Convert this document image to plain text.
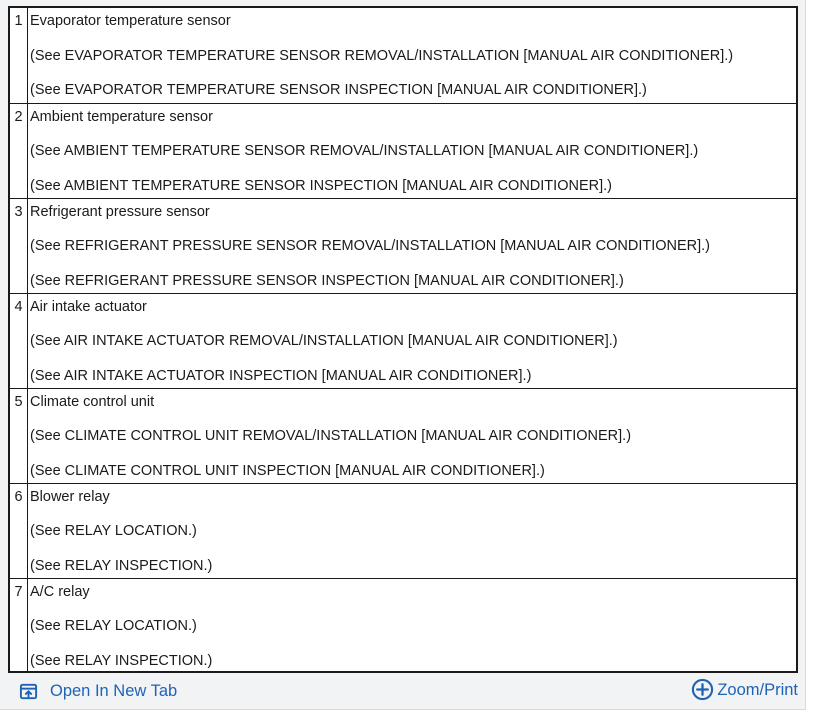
1	Evaporator temperature sensor
(See EVAPORATOR TEMPERATURE SENSOR REMOVAL/INSTALLATION [MANUAL AIR CONDITIONER].)
(See EVAPORATOR TEMPERATURE SENSOR INSPECTION [MANUAL AIR CONDITIONER].)

2	Ambient temperature sensor
(See AMBIENT TEMPERATURE SENSOR REMOVAL/INSTALLATION [MANUAL AIR CONDITIONER].)
(See AMBIENT TEMPERATURE SENSOR INSPECTION [MANUAL AIR CONDITIONER].)

3	Refrigerant pressure sensor
(See REFRIGERANT PRESSURE SENSOR REMOVAL/INSTALLATION [MANUAL AIR CONDITIONER].)
(See REFRIGERANT PRESSURE SENSOR INSPECTION [MANUAL AIR CONDITIONER].)

4	Air intake actuator
(See AIR INTAKE ACTUATOR REMOVAL/INSTALLATION [MANUAL AIR CONDITIONER].)
(See AIR INTAKE ACTUATOR INSPECTION [MANUAL AIR CONDITIONER].)

5	Climate control unit
(See CLIMATE CONTROL UNIT REMOVAL/INSTALLATION [MANUAL AIR CONDITIONER].)
(See CLIMATE CONTROL UNIT INSPECTION [MANUAL AIR CONDITIONER].)

6	Blower relay
(See RELAY LOCATION.)
(See RELAY INSPECTION.)

7	A/C relay
(See RELAY LOCATION.)
(See RELAY INSPECTION.)
Open In New Tab	Zoom/Print
